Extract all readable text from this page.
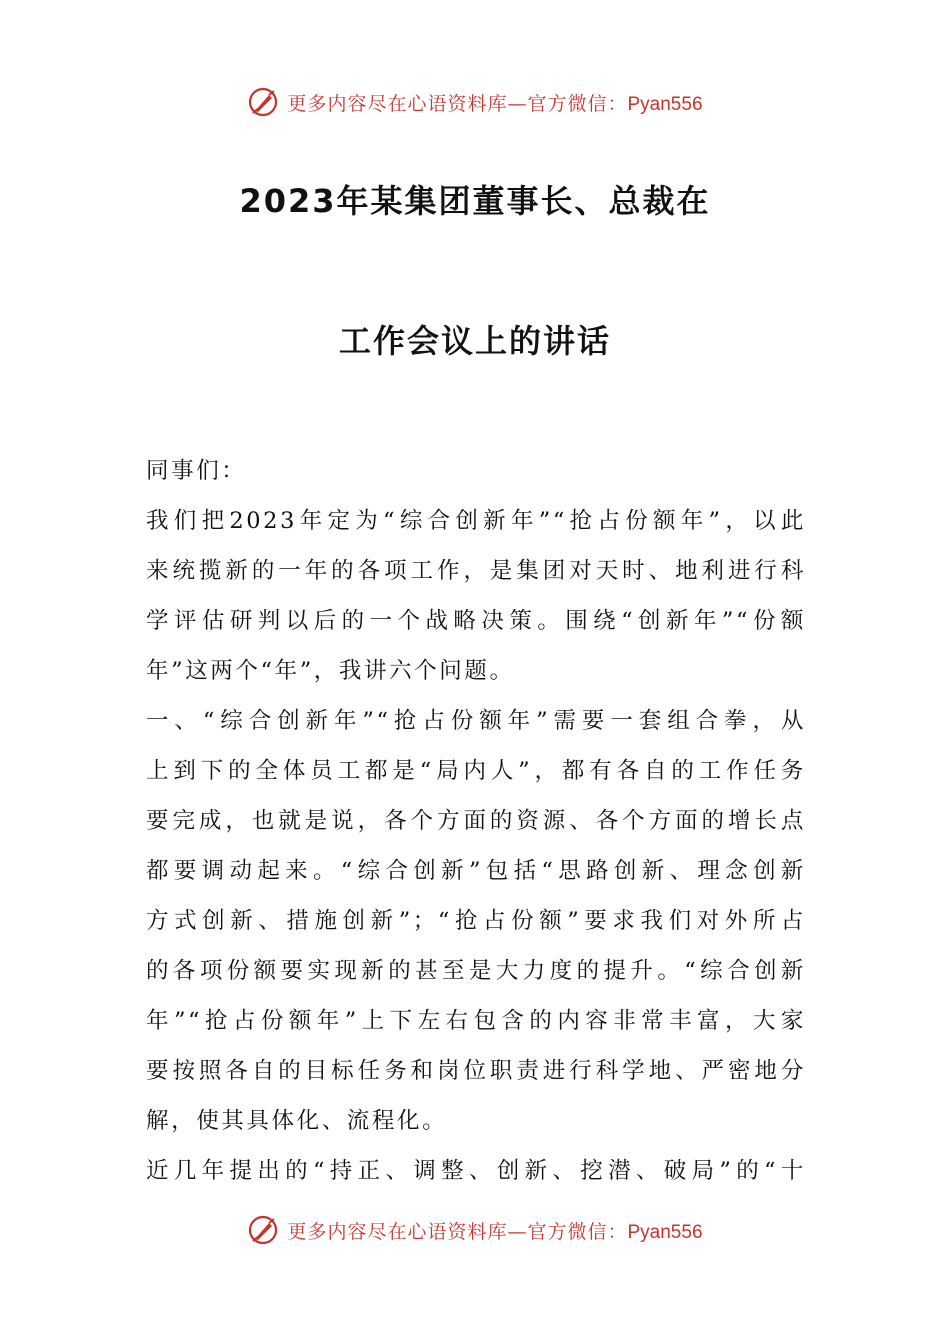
更多内容尽在心语资料库—官方微信：Pyan556
2023年某集团董事长、总裁在
工作会议上的讲话
同事们：
我们把2023年定为“综合创新年”“抢占份额年”，以此
来统揽新的一年的各项工作，是集团对天时、地利进行科
学评估研判以后的一个战略决策。围绕“创新年”“份额
年”这两个“年”，我讲六个问题。
一、“综合创新年”“抢占份额年”需要一套组合拳，从
上到下的全体员工都是“局内人”，都有各自的工作任务
要完成，也就是说，各个方面的资源、各个方面的增长点
都要调动起来。“综合创新”包括“思路创新、理念创新
方式创新、措施创新”；“抢占份额”要求我们对外所占
的各项份额要实现新的甚至是大力度的提升。“综合创新
年”“抢占份额年”上下左右包含的内容非常丰富，大家
要按照各自的目标任务和岗位职责进行科学地、严密地分
解，使其具体化、流程化。
近几年提出的“持正、调整、创新、挖潜、破局”的“十
更多内容尽在心语资料库—官方微信：Pyan556
